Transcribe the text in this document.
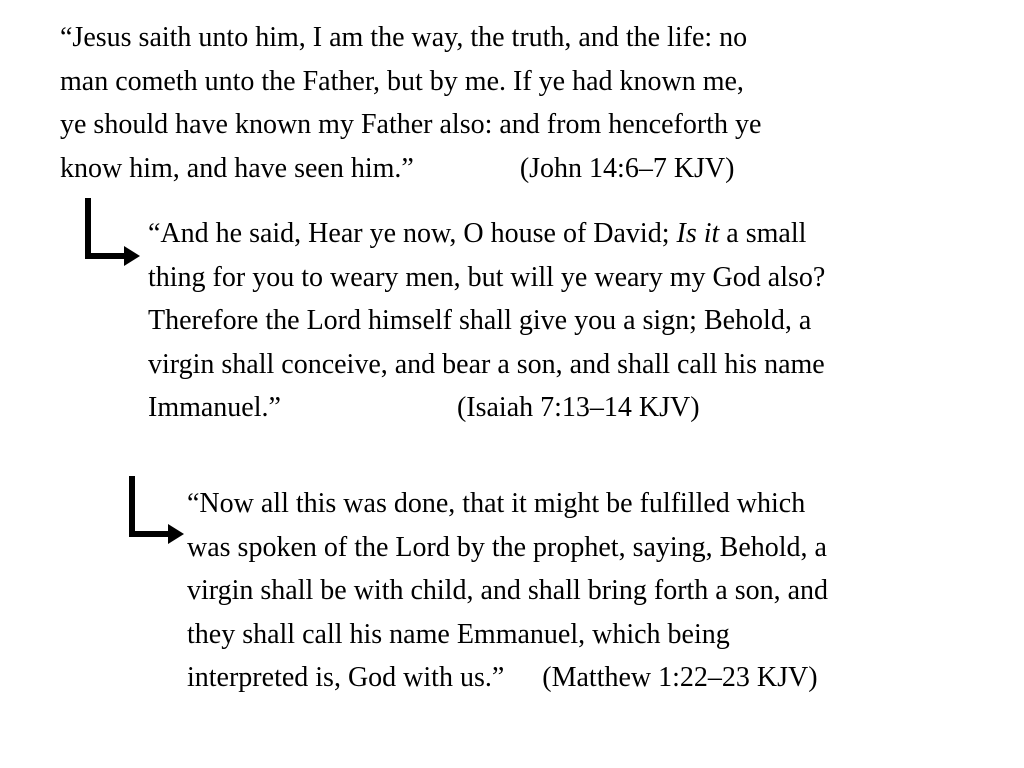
“Jesus saith unto him, I am the way, the truth, and the life: no
man cometh unto the Father, but by me. If ye had known me,
ye should have known my Father also: and from henceforth ye
know him, and have seen him.”	(John 14:6–7 KJV)
“And he said, Hear ye now, O house of David; Is it a small
thing for you to weary men, but will ye weary my God also?
Therefore the Lord himself shall give you a sign; Behold, a
virgin shall conceive, and bear a son, and shall call his name
Immanuel.”	(Isaiah 7:13–14 KJV)
“Now all this was done, that it might be fulfilled which
was spoken of the Lord by the prophet, saying, Behold, a
virgin shall be with child, and shall bring forth a son, and
they shall call his name Emmanuel, which being
interpreted is, God with us.” (Matthew 1:22–23 KJV)
